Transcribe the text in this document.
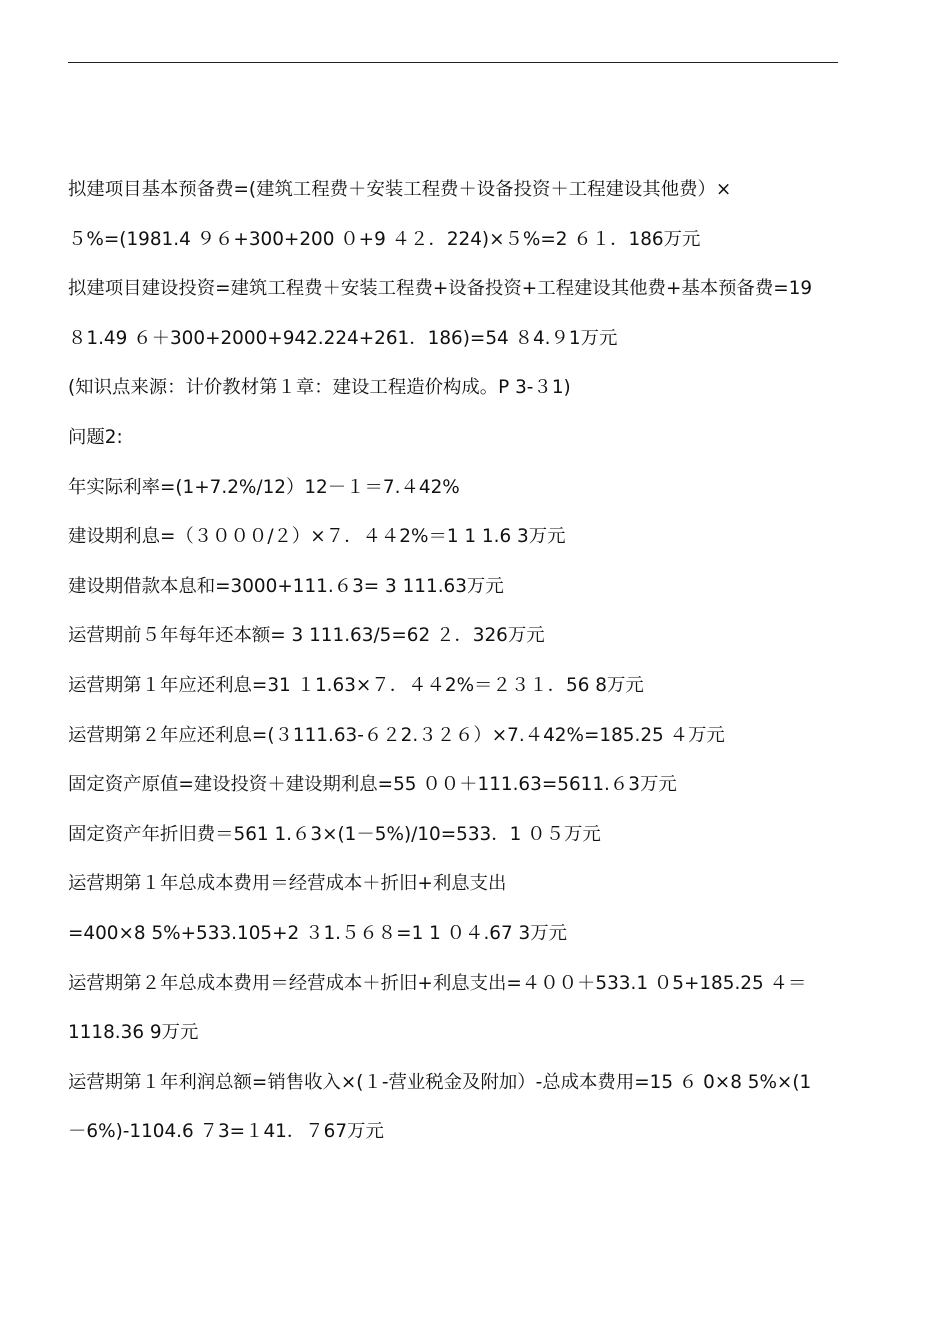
拟建项目基本预备费=(建筑工程费＋安装工程费＋设备投资＋工程建设其他费）×
５%=(1981.4 ９６+300+200 ０+9 ４２．224)×５%=2 ６１．186万元
拟建项目建设投资=建筑工程费＋安装工程费+设备投资+工程建设其他费+基本预备费=19
８1.49 ６＋300+2000+942.224+261．186)=54 ８4.９1万元
(知识点来源：计价教材第１章：建设工程造价构成。P 3-３1)
问题2:
年实际利率=(1+7.2%/12）12－１＝7.４42%
建设期利息=（３０００/２）×７．４４2%＝1 1 1.6 3万元
建设期借款本息和=3000+111.６3= 3 111.63万元
运营期前５年每年还本额= 3 111.63/5=62 ２．326万元
运营期第１年应还利息=31 １1.63×７．４４2%＝２３１．56 8万元
运营期第２年应还利息=(３111.63-６２2.３２６）×7.４42%=185.25 ４万元
固定资产原值=建设投资＋建设期利息=55 ００＋111.63=5611.６3万元
固定资产年折旧费＝561 1.６3×(1－5%)/10=533．1 ０５万元
运营期第１年总成本费用＝经营成本＋折旧+利息支出
=400×8 5%+533.105+2 ３1.５６８=1 1 ０４.67 3万元
运营期第２年总成本费用＝经营成本＋折旧+利息支出=４００＋533.1 ０5+185.25 ４＝
1118.36 9万元
运营期第１年利润总额=销售收入×(１-营业税金及附加）-总成本费用=15 ６ 0×8 5%×(1
－6%)-1104.6 ７3=１41．７67万元
